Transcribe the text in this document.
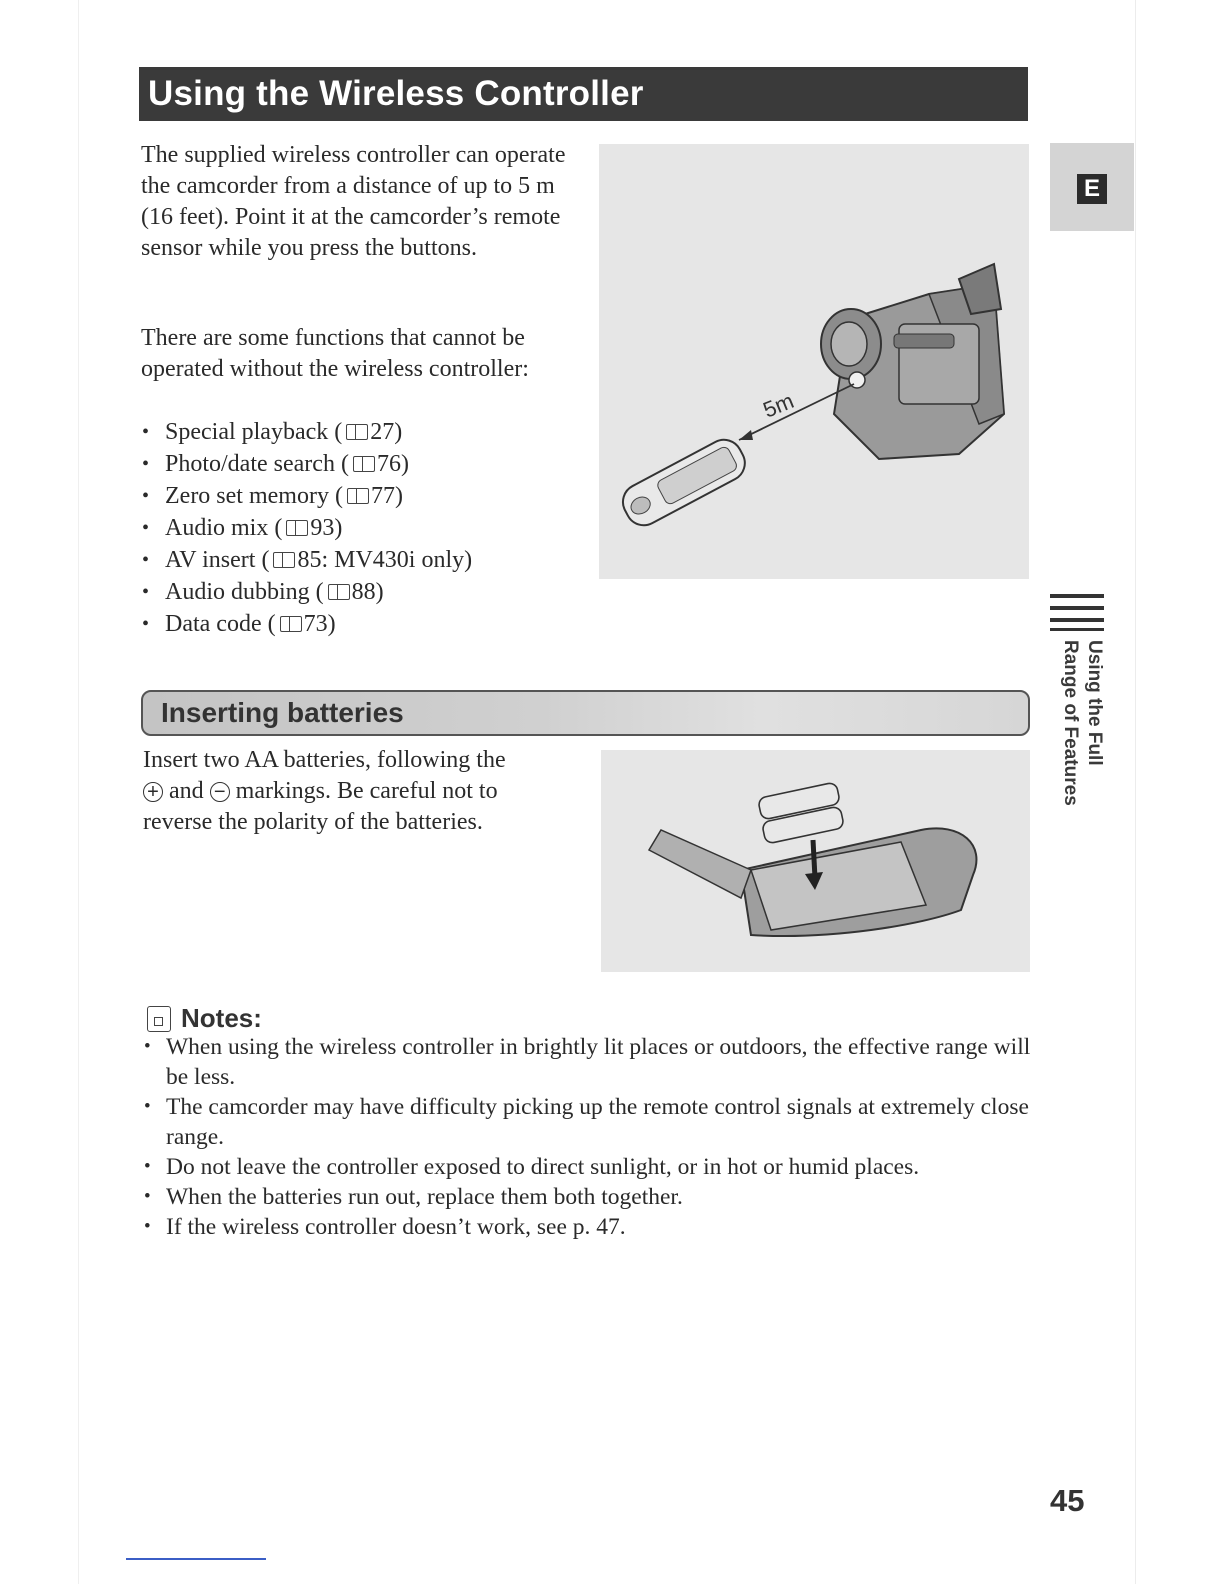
Using the Wireless Controller

The supplied wireless controller can operate the camcorder from a distance of up to 5 m (16 feet). Point it at the camcorder’s remote sensor while you press the buttons.

There are some functions that cannot be operated without the wireless controller:

• Special playback ( 27)
• Photo/date search ( 76)
• Zero set memory ( 77)
• Audio mix ( 93)
• AV insert ( 85: MV430i only)
• Audio dubbing ( 88)
• Data code ( 73)
5m
E
Using the Full
Range of Features
Inserting batteries

Insert two AA batteries, following the
+ and − markings. Be careful not to reverse the polarity of the batteries.

Notes:
• When using the wireless controller in brightly lit places or outdoors, the effective range will be less.
• The camcorder may have difficulty picking up the remote control signals at extremely close range.
• Do not leave the controller exposed to direct sunlight, or in hot or humid places.
• When the batteries run out, replace them both together.
• If the wireless controller doesn’t work, see p. 47.
45
